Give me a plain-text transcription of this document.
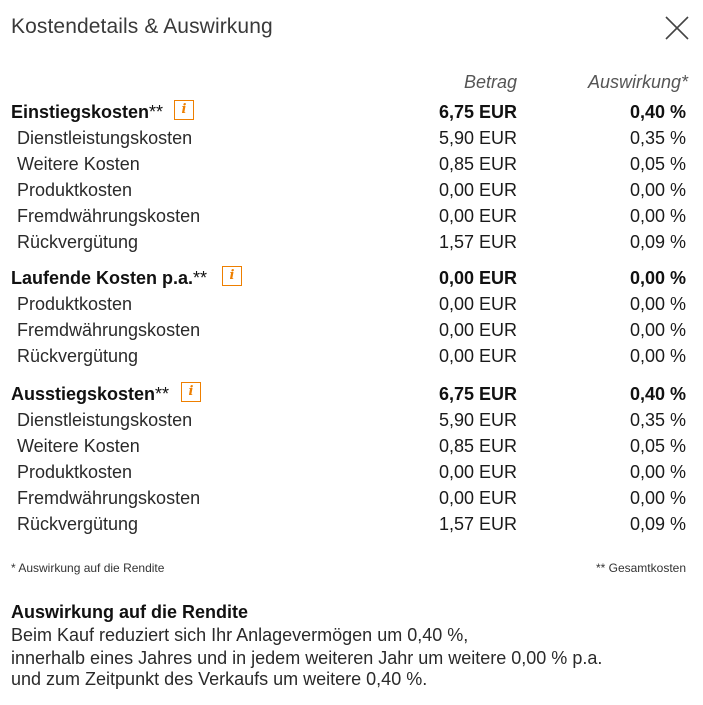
Kostendetails & Auswirkung
Betrag	Auswirkung*
Einstiegskosten**	i	6,75 EUR	0,40 %
Dienstleistungskosten	5,90 EUR	0,35 %
Weitere Kosten	0,85 EUR	0,05 %
Produktkosten	0,00 EUR	0,00 %
Fremdwährungskosten	0,00 EUR	0,00 %
Rückvergütung	1,57 EUR	0,09 %
Laufende Kosten p.a.**	i	0,00 EUR	0,00 %
Produktkosten	0,00 EUR	0,00 %
Fremdwährungskosten	0,00 EUR	0,00 %
Rückvergütung	0,00 EUR	0,00 %
Ausstiegskosten**	i	6,75 EUR	0,40 %
Dienstleistungskosten	5,90 EUR	0,35 %
Weitere Kosten	0,85 EUR	0,05 %
Produktkosten	0,00 EUR	0,00 %
Fremdwährungskosten	0,00 EUR	0,00 %
Rückvergütung	1,57 EUR	0,09 %
* Auswirkung auf die Rendite	** Gesamtkosten
Auswirkung auf die Rendite
Beim Kauf reduziert sich Ihr Anlagevermögen um 0,40 %,
innerhalb eines Jahres und in jedem weiteren Jahr um weitere 0,00 % p.a.
und zum Zeitpunkt des Verkaufs um weitere 0,40 %.
